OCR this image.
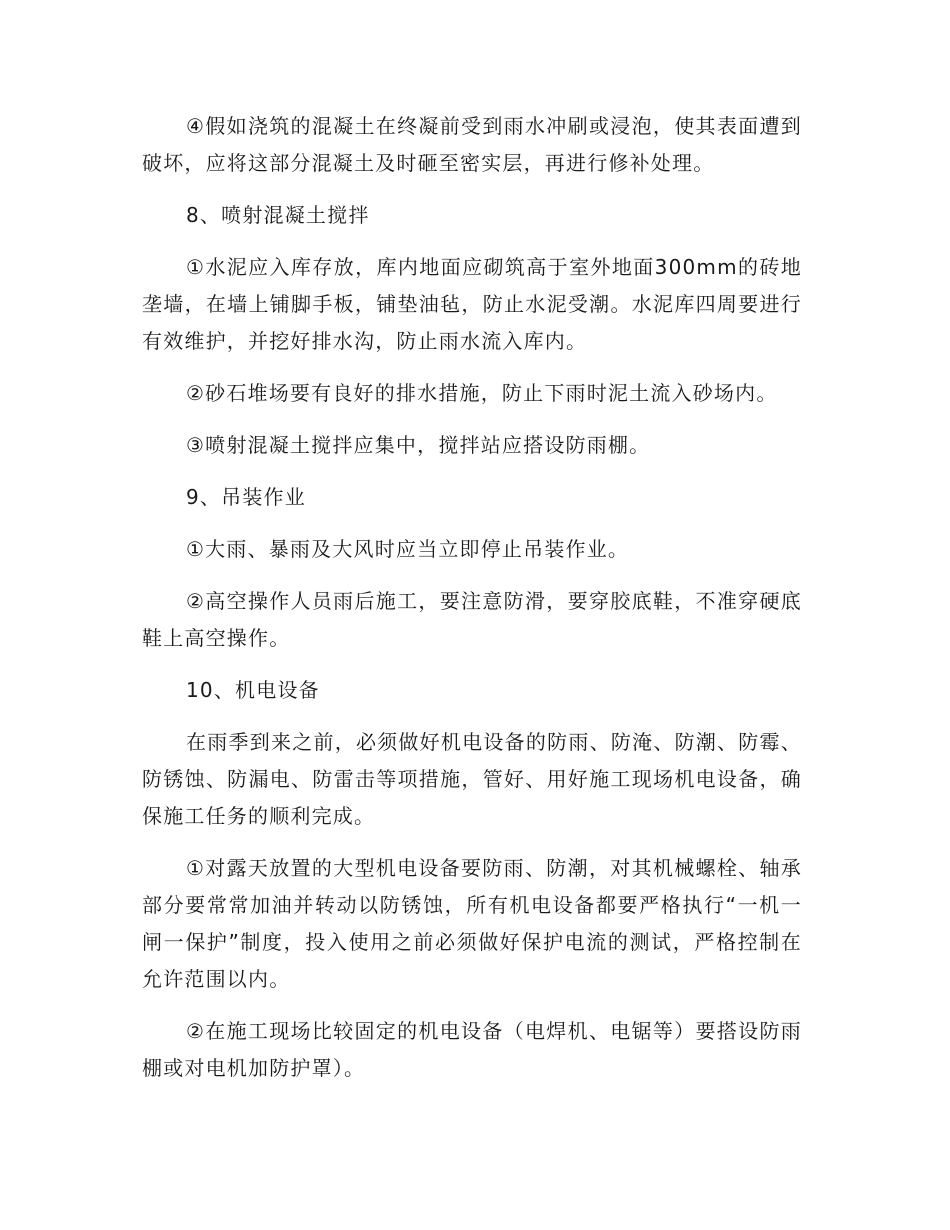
④假如浇筑的混凝土在终凝前受到雨水冲刷或浸泡，使其表面遭到破坏，应将这部分混凝土及时砸至密实层，再进行修补处理。

8、喷射混凝土搅拌

①水泥应入库存放，库内地面应砌筑高于室外地面300mm的砖地垄墙，在墙上铺脚手板，铺垫油毡，防止水泥受潮。水泥库四周要进行有效维护，并挖好排水沟，防止雨水流入库内。

②砂石堆场要有良好的排水措施，防止下雨时泥土流入砂场内。

③喷射混凝土搅拌应集中，搅拌站应搭设防雨棚。

9、吊装作业

①大雨、暴雨及大风时应当立即停止吊装作业。

②高空操作人员雨后施工，要注意防滑，要穿胶底鞋，不准穿硬底鞋上高空操作。

10、机电设备

在雨季到来之前，必须做好机电设备的防雨、防淹、防潮、防霉、防锈蚀、防漏电、防雷击等项措施，管好、用好施工现场机电设备，确保施工任务的顺利完成。

①对露天放置的大型机电设备要防雨、防潮，对其机械螺栓、轴承部分要常常加油并转动以防锈蚀，所有机电设备都要严格执行“一机一闸一保护”制度，投入使用之前必须做好保护电流的测试，严格控制在允许范围以内。

②在施工现场比较固定的机电设备（电焊机、电锯等）要搭设防雨棚或对电机加防护罩）。
